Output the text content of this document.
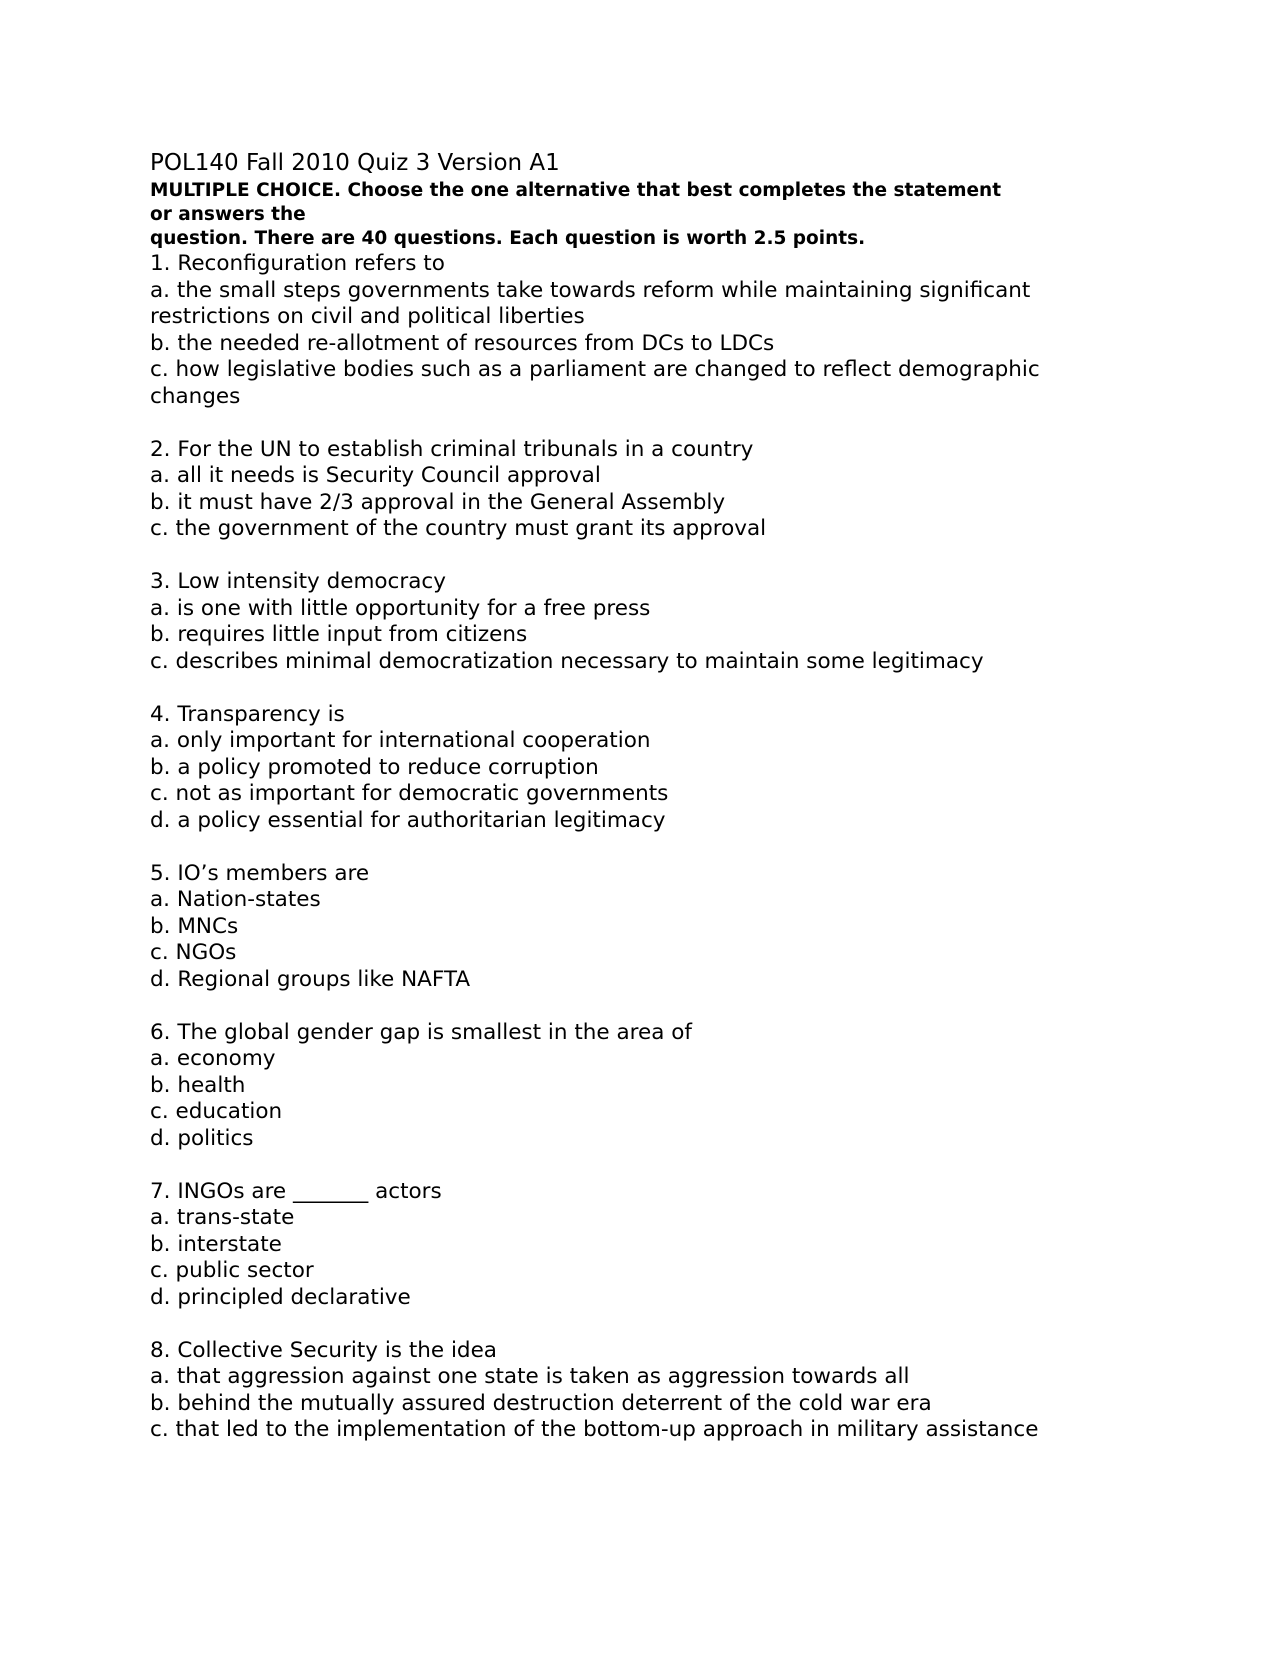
POL140 Fall 2010 Quiz 3 Version A1
MULTIPLE CHOICE. Choose the one alternative that best completes the statement
or answers the
question. There are 40 questions. Each question is worth 2.5 points.
1. Reconfiguration refers to
a. the small steps governments take towards reform while maintaining significant
restrictions on civil and political liberties
b. the needed re-allotment of resources from DCs to LDCs
c. how legislative bodies such as a parliament are changed to reflect demographic
changes
2. For the UN to establish criminal tribunals in a country
a. all it needs is Security Council approval
b. it must have 2/3 approval in the General Assembly
c. the government of the country must grant its approval
3. Low intensity democracy
a. is one with little opportunity for a free press
b. requires little input from citizens
c. describes minimal democratization necessary to maintain some legitimacy
4. Transparency is
a. only important for international cooperation
b. a policy promoted to reduce corruption
c. not as important for democratic governments
d. a policy essential for authoritarian legitimacy
5. IO’s members are
a. Nation-states
b. MNCs
c. NGOs
d. Regional groups like NAFTA
6. The global gender gap is smallest in the area of
a. economy
b. health
c. education
d. politics
7. INGOs are _______ actors
a. trans-state
b. interstate
c. public sector
d. principled declarative
8. Collective Security is the idea
a. that aggression against one state is taken as aggression towards all
b. behind the mutually assured destruction deterrent of the cold war era
c. that led to the implementation of the bottom-up approach in military assistance
